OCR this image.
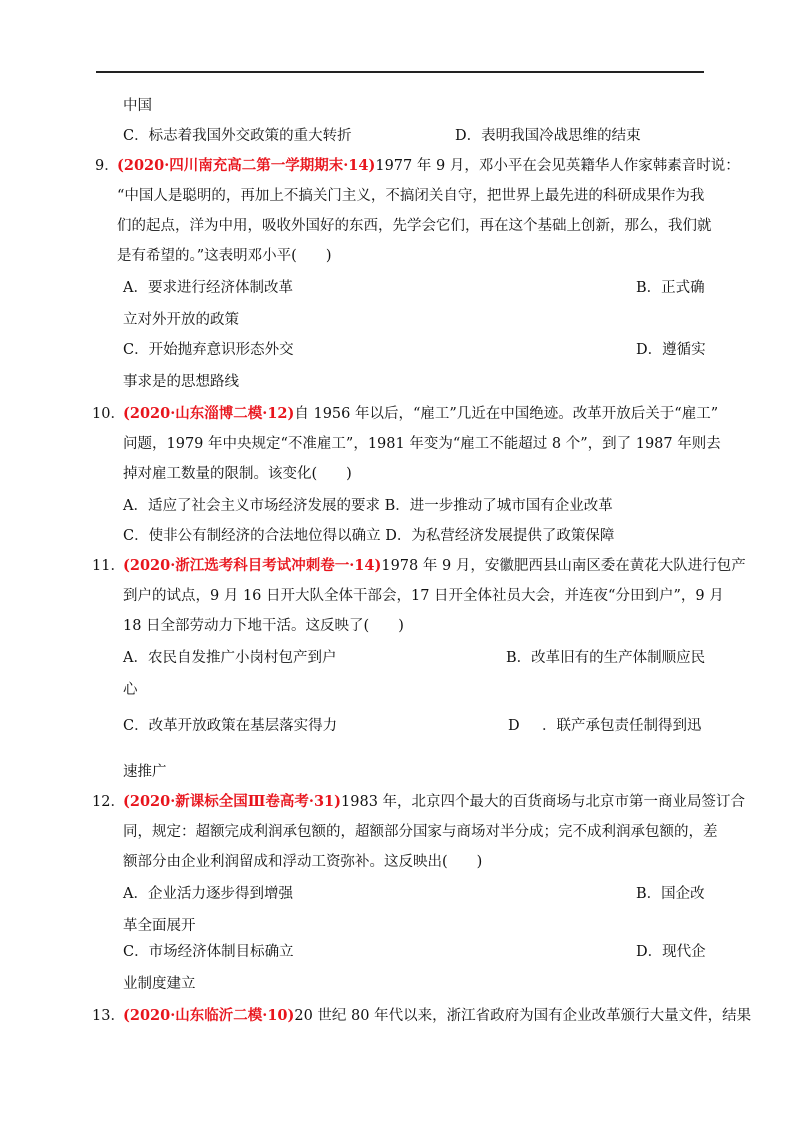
中国
C．标志着我国外交政策的重大转折	D．表明我国冷战思维的结束
9．
(2020·四川南充高二第一学期期末·14)1977 年 9 月，邓小平在会见英籍华人作家韩素音时说：
“中国人是聪明的，再加上不搞关门主义，不搞闭关自守，把世界上最先进的科研成果作为我
们的起点，洋为中用，吸收外国好的东西，先学会它们，再在这个基础上创新，那么，我们就
是有希望的。”这表明邓小平(　　)
A．要求进行经济体制改革	B．正式确
立对外开放的政策
C．开始抛弃意识形态外交	D．遵循实
事求是的思想路线
10．
(2020·山东淄博二模·12)自 1956 年以后，“雇工”几近在中国绝迹。改革开放后关于“雇工”
问题，1979 年中央规定“不准雇工”，1981 年变为“雇工不能超过 8 个”，到了 1987 年则去
掉对雇工数量的限制。该变化(　　)
A．适应了社会主义市场经济发展的要求 B．进一步推动了城市国有企业改革
C．使非公有制经济的合法地位得以确立 D．为私营经济发展提供了政策保障
11．
(2020·浙江选考科目考试冲刺卷一·14)1978 年 9 月，安徽肥西县山南区委在黄花大队进行包产
到户的试点，9 月 16 日开大队全体干部会，17 日开全体社员大会，并连夜“分田到户”，9 月
18 日全部劳动力下地干活。这反映了(　　)
A．农民自发推广小岗村包产到户	B．改革旧有的生产体制顺应民
心
C．改革开放政策在基层落实得力	D ．联产承包责任制得到迅
速推广
12．
(2020·新课标全国Ⅲ卷高考·31)1983 年，北京四个最大的百货商场与北京市第一商业局签订合
同，规定：超额完成利润承包额的，超额部分国家与商场对半分成；完不成利润承包额的，差
额部分由企业利润留成和浮动工资弥补。这反映出(　　)
A．企业活力逐步得到增强	B．国企改
革全面展开
C．市场经济体制目标确立	D．现代企
业制度建立
13．
(2020·山东临沂二模·10)20 世纪 80 年代以来，浙江省政府为国有企业改革颁行大量文件，结果
